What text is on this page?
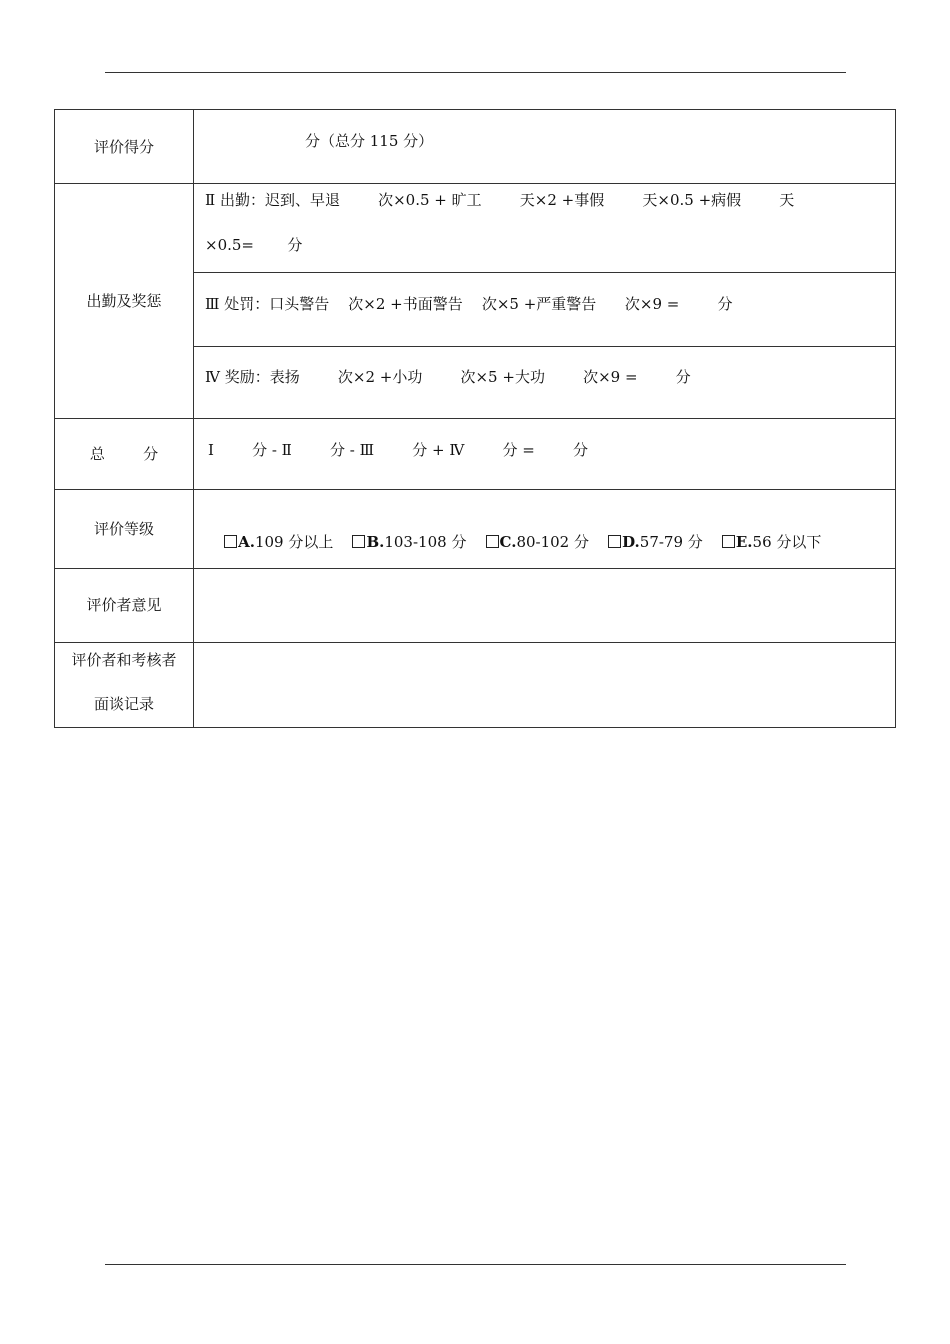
评价得分	分（总分 115 分）
出勤及奖惩
Ⅱ 出勤：迟到、早退        次×0.5 + 旷工        天×2 +事假        天×0.5 +病假        天
×0.5=       分
Ⅲ 处罚：口头警告    次×2 +书面警告    次×5 +严重警告      次×9 =        分
Ⅳ 奖励：表扬        次×2 +小功        次×5 +大功        次×9 =        分
总        分	Ⅰ        分 - Ⅱ        分 - Ⅲ        分 + Ⅳ        分 =        分
评价等级

A.109 分以上 B.103-108 分 C.80-102 分 D.57-79 分 E.56 分以下

评价者意见
评价者和考核者
面谈记录
